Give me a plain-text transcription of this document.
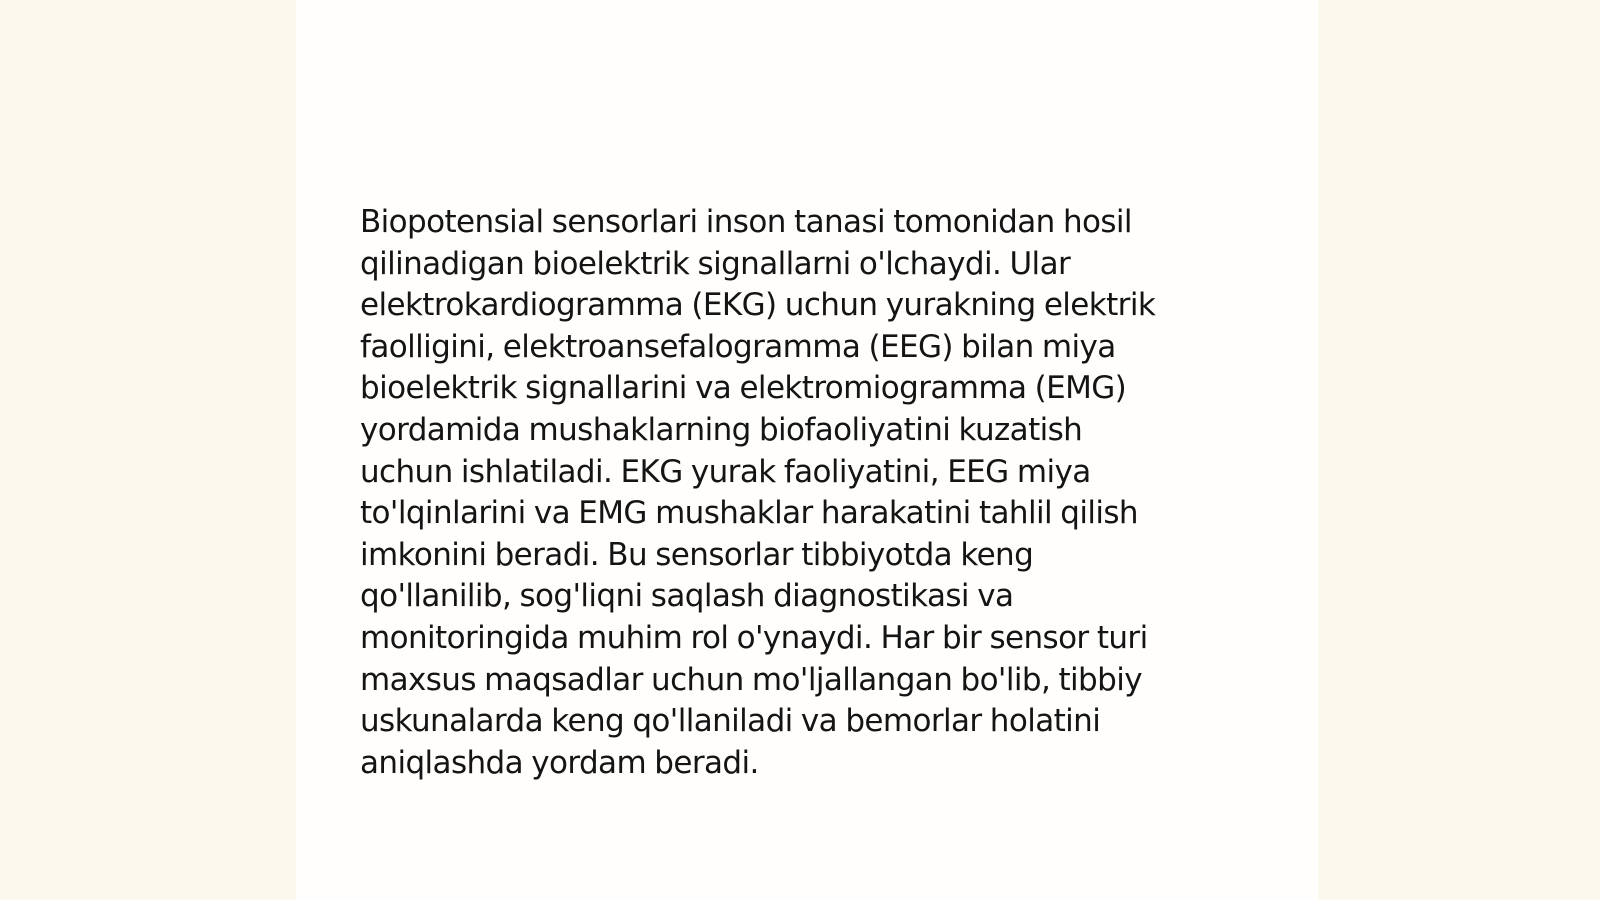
Biopotensial sensorlari inson tanasi tomonidan hosil
qilinadigan bioelektrik signallarni o'lchaydi. Ular
elektrokardiogramma (EKG) uchun yurakning elektrik
faolligini, elektroansefalogramma (EEG) bilan miya
bioelektrik signallarini va elektromiogramma (EMG)
yordamida mushaklarning biofaoliyatini kuzatish
uchun ishlatiladi. EKG yurak faoliyatini, EEG miya
to'lqinlarini va EMG mushaklar harakatini tahlil qilish
imkonini beradi. Bu sensorlar tibbiyotda keng
qo'llanilib, sog'liqni saqlash diagnostikasi va
monitoringida muhim rol o'ynaydi. Har bir sensor turi
maxsus maqsadlar uchun mo'ljallangan bo'lib, tibbiy
uskunalarda keng qo'llaniladi va bemorlar holatini
aniqlashda yordam beradi.
